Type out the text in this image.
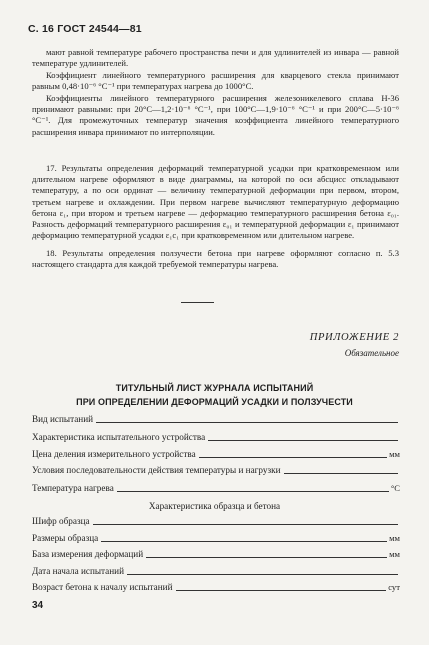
С. 16 ГОСТ 24544—81

мают равной температуре рабочего пространства печи и для удлинителей из инвара — равной температуре удлинителей.

Коэффициент линейного температурного расширения для кварцевого стекла принимают равным 0,48·10⁻⁶ °C⁻¹ при температурах нагрева до 1000°C.

Коэффициенты линейного температурного расширения железоникелевого сплава Н-36 принимают равными: при 20°C—1,2·10⁻⁶ °C⁻¹, при 100°C—1,9·10⁻⁶ °C⁻¹ и при 200°C—5·10⁻⁶ °C⁻¹. Для промежуточных температур значения коэффициента линейного температурного расширения инвара принимают по интерполяции.

17. Результаты определения деформаций температурной усадки при кратковременном или длительном нагреве оформляют в виде диаграммы, на которой по оси абсцисс откладывают температуру, а по оси ординат — величину температурной деформации при первом, втором, третьем нагреве и охлаждении. При первом нагреве вычисляют температурную деформацию бетона ε₁, при втором и третьем нагреве — деформацию температурного расширения бетона ε₀₁. Разность деформаций температурного расширения ε₀₁ и температурной деформации ε₁ принимают деформацию температурной усадки ε₁с₁ при кратковременном или длительном нагреве.

18. Результаты определения ползучести бетона при нагреве оформляют согласно п. 5.3 настоящего стандарта для каждой требуемой температуры нагрева.

ПРИЛОЖЕНИЕ 2
Обязательное
ТИТУЛЬНЫЙ ЛИСТ ЖУРНАЛА ИСПЫТАНИЙ
ПРИ ОПРЕДЕЛЕНИИ ДЕФОРМАЦИЙ УСАДКИ И ПОЛЗУЧЕСТИ
Вид испытаний
Характеристика испытательного устройства
Цена деления измерительного устройства	мм
Условия последовательности действия температуры и нагрузки
Температура нагрева	°C
Характеристика образца и бетона
Шифр образца
Размеры образца	мм
База измерения деформаций	мм
Дата начала испытаний
Возраст бетона к началу испытаний	сут
34
